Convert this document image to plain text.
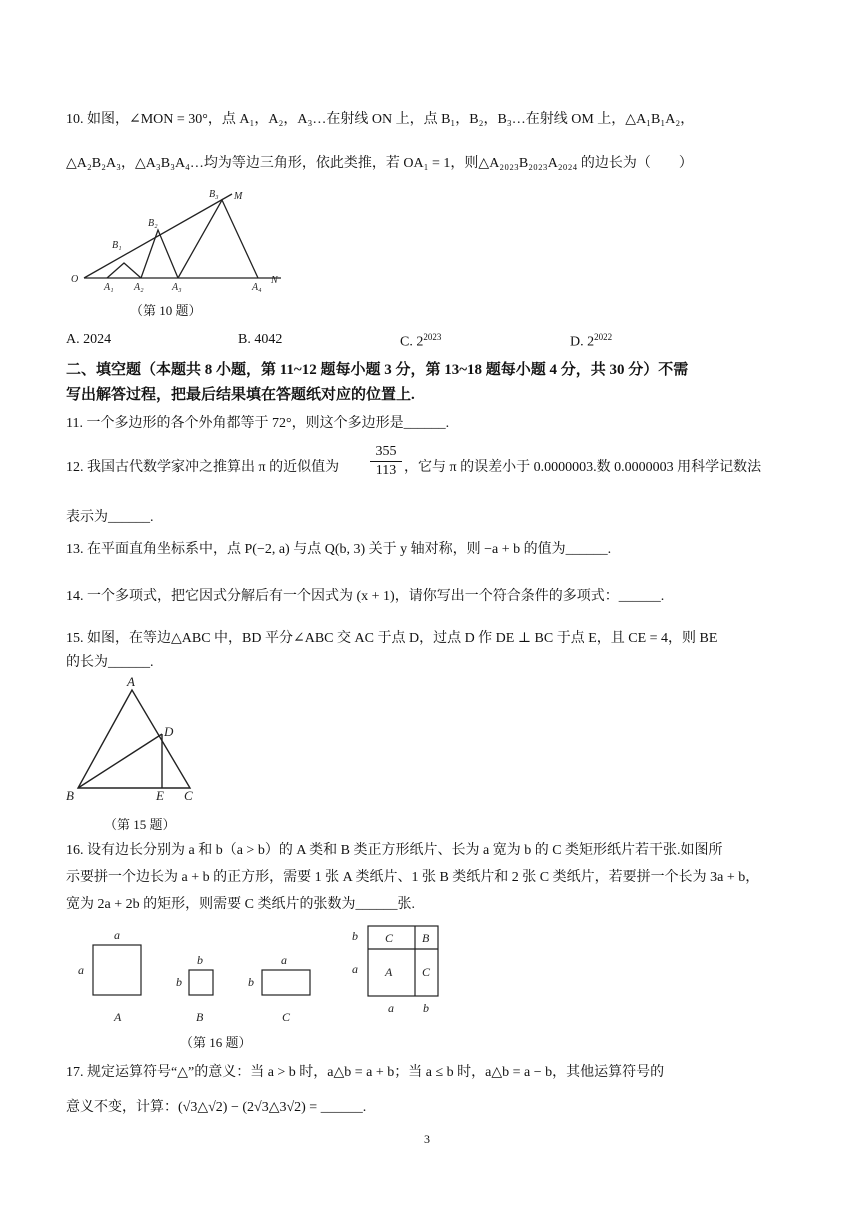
10. 如图，∠MON = 30°，点 A₁，A₂，A₃…在射线 ON 上，点 B₁，B₂，B₃…在射线 OM 上，△A₁B₁A₂，
△A₂B₂A₃，△A₃B₃A₄…均为等边三角形，依此类推，若 OA₁ = 1，则△A₂₀₂₃B₂₀₂₃A₂₀₂₄ 的边长为（　　）
O	N
M
A₁ A₂	A₃	A₄
B₁
B₂
B₃
（第 10 题）
A. 2024	B. 4042	C. $2^{2023}$	D. $2^{2022}$
二、填空题（本题共 8 小题，第 11~12 题每小题 3 分，第 13~18 题每小题 4 分，共 30 分）不需
写出解答过程，把最后结果填在答题纸对应的位置上.
11. 一个多边形的各个外角都等于 72°，则这个多边形是______.
12. 我国古代数学家冲之推算出 π 的近似值为 $\frac{355}{113}$ ，它与 π 的误差小于 0.0000003.数 0.0000003 用科学记数法
表示为______.
13. 在平面直角坐标系中，点 P(−2, a) 与点 Q(b, 3) 关于 y 轴对称，则 −a + b 的值为______.
14. 一个多项式，把它因式分解后有一个因式为 (x + 1)，请你写出一个符合条件的多项式：______.
15. 如图，在等边△ABC 中，BD 平分∠ABC 交 AC 于点 D，过点 D 作 DE ⊥ BC 于点 E，且 CE = 4，则 BE
的长为______.
A
B	C
D
E
（第 15 题）
16. 设有边长分别为 a 和 b（a > b）的 A 类和 B 类正方形纸片、长为 a 宽为 b 的 C 类矩形纸片若干张.如图所
示要拼一个边长为 a + b 的正方形，需要 1 张 A 类纸片、1 张 B 类纸片和 2 张 C 类纸片，若要拼一个长为 3a + b，
宽为 2a + 2b 的矩形，则需要 C 类纸片的张数为______张.
a
a
b
b
a
b
b
a
a b
A	B	C
C B
A C
（第 16 题）
17. 规定运算符号“△”的意义：当 a > b 时，a△b = a + b；当 a ≤ b 时，a△b = a − b，其他运算符号的
意义不变，计算：(√3△√2) − (2√3△3√2) = ______.
3
